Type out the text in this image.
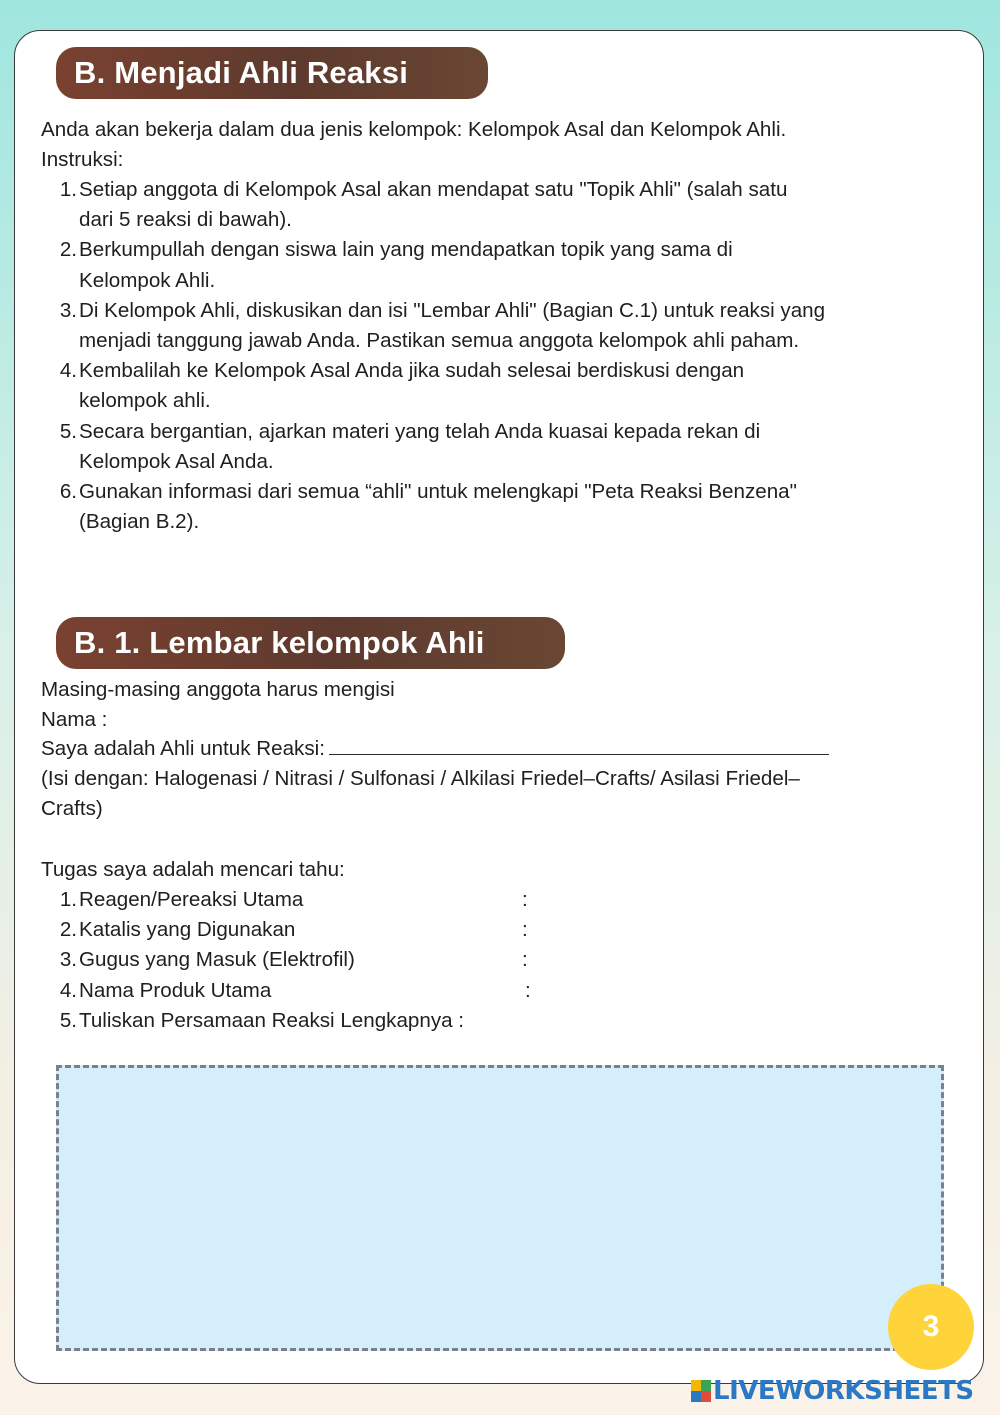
B. Menjadi Ahli Reaksi

Anda akan bekerja dalam dua jenis kelompok: Kelompok Asal dan Kelompok Ahli.

Instruksi:

1. Setiap anggota di Kelompok Asal akan mendapat satu "Topik Ahli" (salah satu
dari 5 reaksi di bawah).
2. Berkumpullah dengan siswa lain yang mendapatkan topik yang sama di
Kelompok Ahli.
3. Di Kelompok Ahli, diskusikan dan isi "Lembar Ahli" (Bagian C.1) untuk reaksi yang
menjadi tanggung jawab Anda. Pastikan semua anggota kelompok ahli paham.
4. Kembalilah ke Kelompok Asal Anda jika sudah selesai berdiskusi dengan
kelompok ahli.
5. Secara bergantian, ajarkan materi yang telah Anda kuasai kepada rekan di
Kelompok Asal Anda.
6. Gunakan informasi dari semua “ahli" untuk melengkapi "Peta Reaksi Benzena"
(Bagian B.2).
B. 1. Lembar kelompok Ahli

Masing-masing anggota harus mengisi

Nama :

Saya adalah Ahli untuk Reaksi:

(Isi dengan: Halogenasi / Nitrasi / Sulfonasi / Alkilasi Friedel–Crafts/ Asilasi Friedel–

Crafts)

Tugas saya adalah mencari tahu:

1. Reagen/Pereaksi Utama	:
2. Katalis yang Digunakan	:
3. Gugus yang Masuk (Elektrofil)	:
4. Nama Produk Utama	:
5. Tuliskan Persamaan Reaksi Lengkapnya :
3
LIVEWORKSHEETS
